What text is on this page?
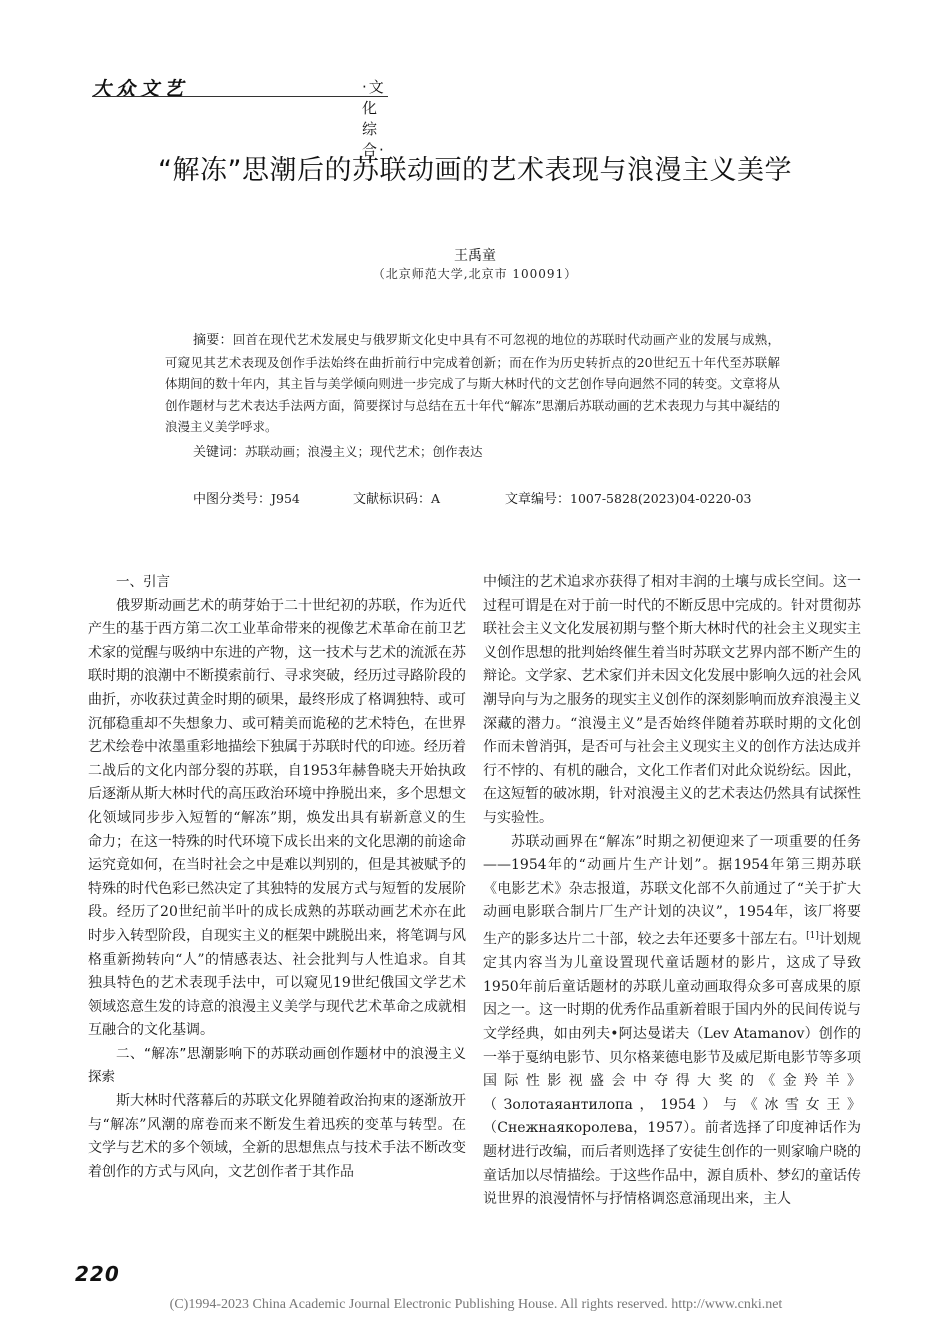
大众文艺	·文化综合·
“解冻”思潮后的苏联动画的艺术表现与浪漫主义美学
王禹童
（北京师范大学,北京市 100091）

摘要：回首在现代艺术发展史与俄罗斯文化史中具有不可忽视的地位的苏联时代动画产业的发展与成熟，可窥见其艺术表现及创作手法始终在曲折前行中完成着创新；而在作为历史转折点的20世纪五十年代至苏联解体期间的数十年内，其主旨与美学倾向则进一步完成了与斯大林时代的文艺创作导向迥然不同的转变。文章将从创作题材与艺术表达手法两方面，简要探讨与总结在五十年代“解冻”思潮后苏联动画的艺术表现力与其中凝结的浪漫主义美学呼求。

关键词：苏联动画；浪漫主义；现代艺术；创作表达
中图分类号：J954	文献标识码：A	文章编号：1007-5828(2023)04-0220-03
一、引言

俄罗斯动画艺术的萌芽始于二十世纪初的苏联，作为近代产生的基于西方第二次工业革命带来的视像艺术革命在前卫艺术家的觉醒与吸纳中东进的产物，这一技术与艺术的流派在苏联时期的浪潮中不断摸索前行、寻求突破，经历过寻路阶段的曲折，亦收获过黄金时期的硕果，最终形成了格调独特、或可沉郁稳重却不失想象力、或可精美而诡秘的艺术特色，在世界艺术绘卷中浓墨重彩地描绘下独属于苏联时代的印迹。经历着二战后的文化内部分裂的苏联，自1953年赫鲁晓夫开始执政后逐渐从斯大林时代的高压政治环境中挣脱出来，多个思想文化领域同步步入短暂的“解冻”期，焕发出具有崭新意义的生命力；在这一特殊的时代环境下成长出来的文化思潮的前途命运究竟如何，在当时社会之中是难以判别的，但是其被赋予的特殊的时代色彩已然决定了其独特的发展方式与短暂的发展阶段。经历了20世纪前半叶的成长成熟的苏联动画艺术亦在此时步入转型阶段，自现实主义的框架中跳脱出来，将笔调与风格重新拗转向“人”的情感表达、社会批判与人性追求。自其独具特色的艺术表现手法中，可以窥见19世纪俄国文学艺术领域恣意生发的诗意的浪漫主义美学与现代艺术革命之成就相互融合的文化基调。

二、“解冻”思潮影响下的苏联动画创作题材中的浪漫主义探索

斯大林时代落幕后的苏联文化界随着政治拘束的逐渐放开与“解冻”风潮的席卷而来不断发生着迅疾的变革与转型。在文学与艺术的多个领域，全新的思想焦点与技术手法不断改变着创作的方式与风向，文艺创作者于其作品

中倾注的艺术追求亦获得了相对丰润的土壤与成长空间。这一过程可谓是在对于前一时代的不断反思中完成的。针对贯彻苏联社会主义文化发展初期与整个斯大林时代的社会主义现实主义创作思想的批判始终催生着当时苏联文艺界内部不断产生的辩论。文学家、艺术家们并未因文化发展中影响久远的社会风潮导向与为之服务的现实主义创作的深刻影响而放弃浪漫主义深藏的潜力。“浪漫主义”是否始终伴随着苏联时期的文化创作而未曾消弭，是否可与社会主义现实主义的创作方法达成并行不悖的、有机的融合，文化工作者们对此众说纷纭。因此，在这短暂的破冰期，针对浪漫主义的艺术表达仍然具有试探性与实验性。

苏联动画界在“解冻”时期之初便迎来了一项重要的任务——1954年的“动画片生产计划”。据1954年第三期苏联《电影艺术》杂志报道，苏联文化部不久前通过了“关于扩大动画电影联合制片厂生产计划的决议”，1954年，该厂将要生产的影多达片二十部，较之去年还要多十部左右。[1]计划规定其内容当为儿童设置现代童话题材的影片，这成了导致1950年前后童话题材的苏联儿童动画取得众多可喜成果的原因之一。这一时期的优秀作品重新着眼于国内外的民间传说与文学经典，如由列夫•阿达曼诺夫（Lev Atamanov）创作的一举于戛纳电影节、贝尔格莱德电影节及威尼斯电影节等多项国际性影视盛会中夺得大奖的《金羚羊》（Золотаяантилопа，1954）与《冰雪女王》（Снежнаякоролева，1957）。前者选择了印度神话作为题材进行改编，而后者则选择了安徒生创作的一则家喻户晓的童话加以尽情描绘。于这些作品中，源自质朴、梦幻的童话传说世界的浪漫情怀与抒情格调恣意涌现出来，主人

220
(C)1994-2023 China Academic Journal Electronic Publishing House. All rights reserved. http://www.cnki.net
